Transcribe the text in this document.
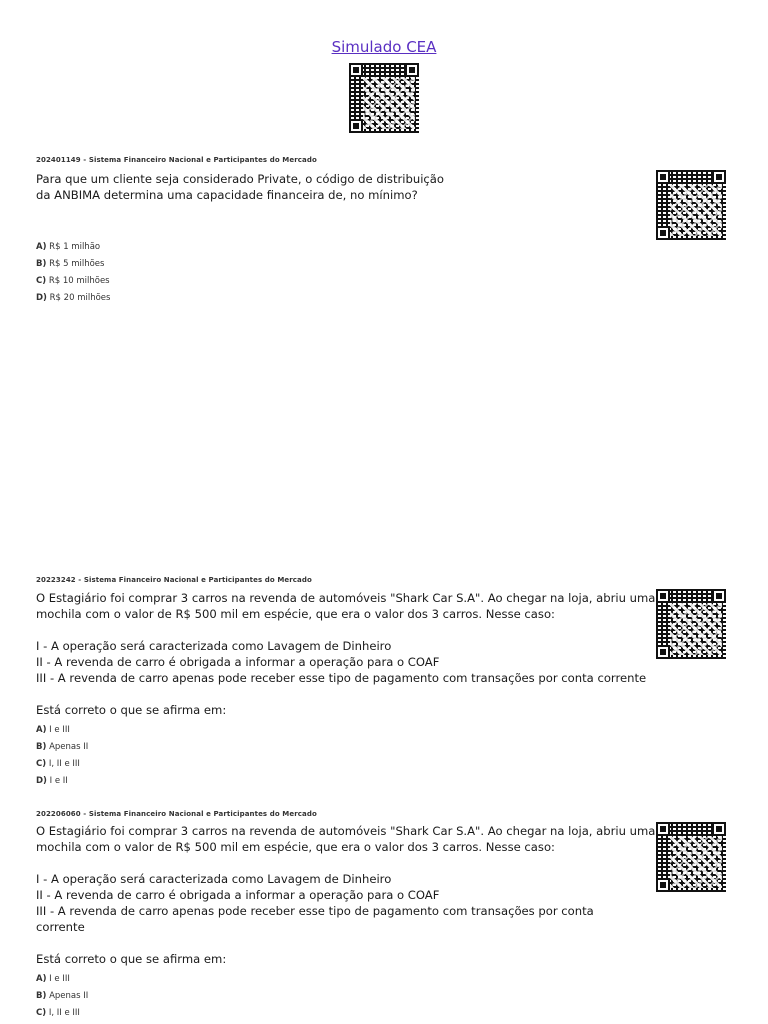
Simulado CEA
202401149 - Sistema Financeiro Nacional e Participantes do Mercado
Para que um cliente seja considerado Private, o código de distribuição
da ANBIMA determina uma capacidade financeira de, no mínimo?
A) R$ 1 milhão
B) R$ 5 milhões
C) R$ 10 milhões
D) R$ 20 milhões
20223242 - Sistema Financeiro Nacional e Participantes do Mercado
O Estagiário foi comprar 3 carros na revenda de automóveis "Shark Car S.A". Ao chegar na loja, abriu uma
mochila com o valor de R$ 500 mil em espécie, que era o valor dos 3 carros. Nesse caso:

I - A operação será caracterizada como Lavagem de Dinheiro
II - A revenda de carro é obrigada a informar a operação para o COAF
III - A revenda de carro apenas pode receber esse tipo de pagamento com transações por conta corrente

Está correto o que se afirma em:
A) I e III
B) Apenas II
C) I, II e III
D) I e II
202206060 - Sistema Financeiro Nacional e Participantes do Mercado
O Estagiário foi comprar 3 carros na revenda de automóveis "Shark Car S.A". Ao chegar na loja, abriu uma
mochila com o valor de R$ 500 mil em espécie, que era o valor dos 3 carros. Nesse caso:

I - A operação será caracterizada como Lavagem de Dinheiro
II - A revenda de carro é obrigada a informar a operação para o COAF
III - A revenda de carro apenas pode receber esse tipo de pagamento com transações por conta
corrente

Está correto o que se afirma em:
A) I e III
B) Apenas II
C) I, II e III
